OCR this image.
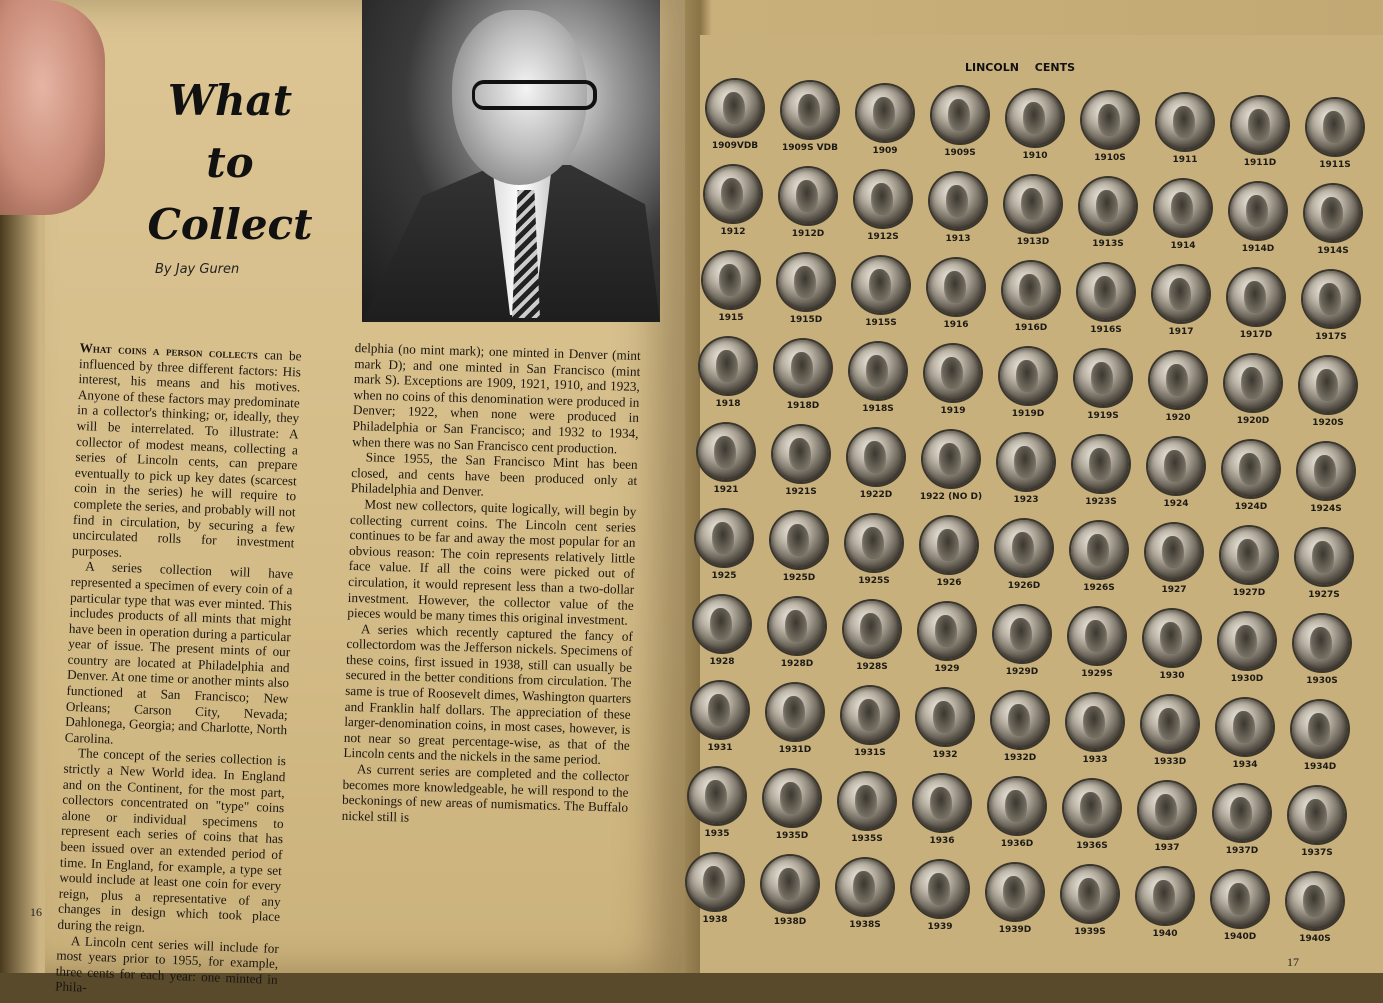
What
to
Collect
By Jay Guren

What coins a person collects can be influenced by three different factors: His interest, his means and his motives. Anyone of these factors may predominate in a collector's thinking; or, ideally, they will be interrelated. To illustrate: A collector of modest means, collecting a series of Lincoln cents, can prepare eventually to pick up key dates (scarcest coin in the series) he will require to complete the series, and probably will not find in circulation, by securing a few uncirculated rolls for investment purposes.

A series collection will have represented a specimen of every coin of a particular type that was ever minted. This includes products of all mints that might have been in operation during a particular year of issue. The present mints of our country are located at Philadelphia and Denver. At one time or another mints also functioned at San Francisco; New Orleans; Carson City, Nevada; Dahlonega, Georgia; and Charlotte, North Carolina.

The concept of the series collection is strictly a New World idea. In England and on the Continent, for the most part, collectors concentrated on "type" coins alone or individual specimens to represent each series of coins that has been issued over an extended period of time. In England, for example, a type set would include at least one coin for every reign, plus a representative of any changes in design which took place during the reign.

A Lincoln cent series will include for most years prior to 1955, for example, three cents for each year: one minted in Phila-

delphia (no mint mark); one minted in Denver (mint mark D); and one minted in San Francisco (mint mark S). Exceptions are 1909, 1921, 1910, and 1923, when no coins of this denomination were produced in Denver; 1922, when none were produced in Philadelphia or San Francisco; and 1932 to 1934, when there was no San Francisco cent production.

Since 1955, the San Francisco Mint has been closed, and cents have been produced only at Philadelphia and Denver.

Most new collectors, quite logically, will begin by collecting current coins. The Lincoln cent series continues to be far and away the most popular for an obvious reason: The coin represents relatively little face value. If all the coins were picked out of circulation, it would represent less than a two-dollar investment. However, the collector value of the pieces would be many times this original investment.

A series which recently captured the fancy of collectordom was the Jefferson nickels. Specimens of these coins, first issued in 1938, still can usually be secured in the better conditions from circulation. The same is true of Roosevelt dimes, Washington quarters and Franklin half dollars. The appreciation of these larger-denomination coins, in most cases, however, is not near so great percentage-wise, as that of the Lincoln cents and the nickels in the same period.

As current series are completed and the collector becomes more knowledgeable, he will respond to the beckonings of new areas of numismatics. The Buffalo nickel still is

16
17
LINCOLN CENTS
1909VDB	1909S VDB	1909	1909S	1910	1910S	1911	1911D	1911S
1912	1912D	1912S	1913	1913D	1913S	1914	1914D	1914S
1915	1915D	1915S	1916	1916D	1916S	1917	1917D	1917S
1918	1918D	1918S	1919	1919D	1919S	1920	1920D	1920S
1921	1921S	1922D	1922 (NO D)	1923	1923S	1924	1924D	1924S
1925	1925D	1925S	1926	1926D	1926S	1927	1927D	1927S
1928	1928D	1928S	1929	1929D	1929S	1930	1930D	1930S
1931	1931D	1931S	1932	1932D	1933	1933D	1934	1934D
1935	1935D	1935S	1936	1936D	1936S	1937	1937D	1937S
1938	1938D	1938S	1939	1939D	1939S	1940	1940D	1940S
